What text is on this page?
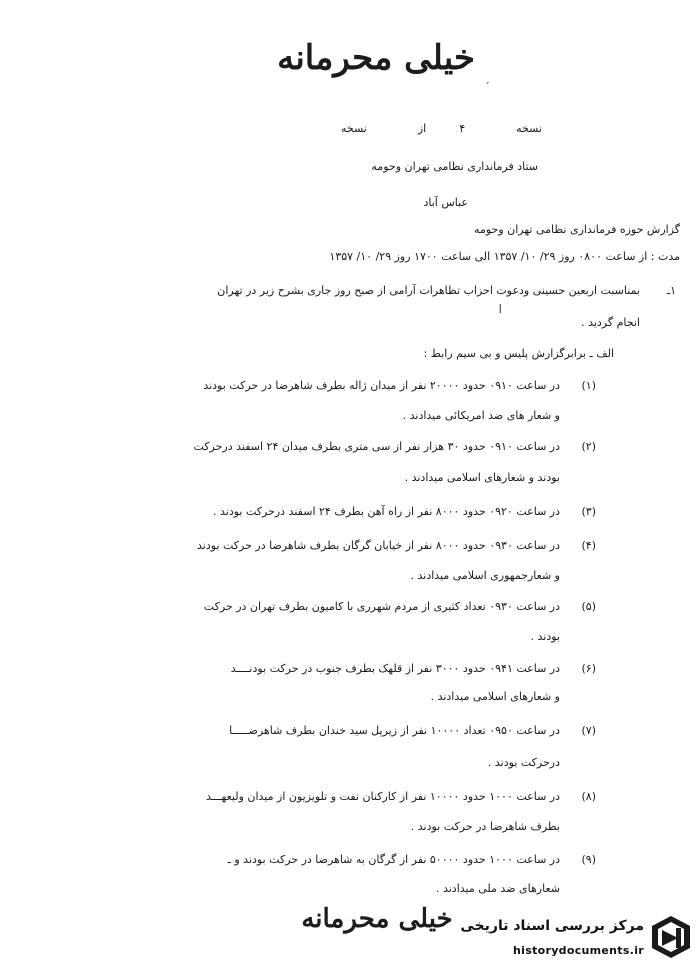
خیلی محرمانه ˏ
نسخه  ۴  از  نسخه
ستاد فرمانداری نظامی تهران وحومه
عباس آباد
گزارش حوزه فرمانداری نظامی تهران وحومه
مدت : از ساعت ۰۸۰۰ روز ۲۹/ ۱۰/ ۱۳۵۷ الی ساعت ۱۷۰۰ روز ۲۹/ ۱۰/ ۱۳۵۷
۱ـ
بمناسبت اربعین حسینی ودعوت احزاب تظاهرات آرامی از صبح روز جاری بشرح زیر در تهران
ا
انجام گردید .
الف ـ برابرگزارش پلیس و بی سیم رابط :
(۱)
در ساعت ۰۹۱۰ حدود ۲۰۰۰۰ نفر از میدان ژاله بطرف شاهرضا در حرکت بودند
و شعار های ضد امریکائی میدادند .
(۲)
در ساعت ۰۹۱۰ حدود ۳۰ هزار نفر از سی متری بطرف میدان ۲۴ اسفند درحرکت
بودند و شعارهای اسلامی میدادند .
(۳)
در ساعت ۰۹۲۰ حدود ۸۰۰۰ نفر از راه آهن بطرف ۲۴ اسفند درحرکت بودند .
(۴)
در ساعت ۰۹۳۰ حدود ۸۰۰۰ نفر از خیابان گرگان بطرف شاهرضا در حرکت بودند
و شعارجمهوری اسلامی میدادند .
(۵)
در ساعت ۰۹۳۰ تعداد کثیری از مردم شهرری با کامیون بطرف تهران در حرکت
بودند .
(۶)
در ساعت ۰۹۴۱ حدود ۳۰۰۰ نفر از قلهک بطرف جنوب در حرکت بودنــــد
و شعارهای اسلامی میدادند .
(۷)
در ساعت ۰۹۵۰ تعداد ۱۰۰۰۰ نفر از زیرپل سید خندان بطرف شاهرضـــــا
درحرکت بودند .
(۸)
در ساعت ۱۰۰۰ حدود ۱۰۰۰۰ نفر از کارکنان نفت و تلویزیون از میدان ولیعهـــد
بطرف شاهرضا در حرکت بودند .
(۹)
در ساعت ۱۰۰۰ حدود ۵۰۰۰۰ نفر از گرگان به شاهرضا در حرکت بودند و ـ
شعارهای ضد ملی میدادند .
خیلی محرمانه مرکز بررسی اسناد تاریخی
historydocuments.ir
